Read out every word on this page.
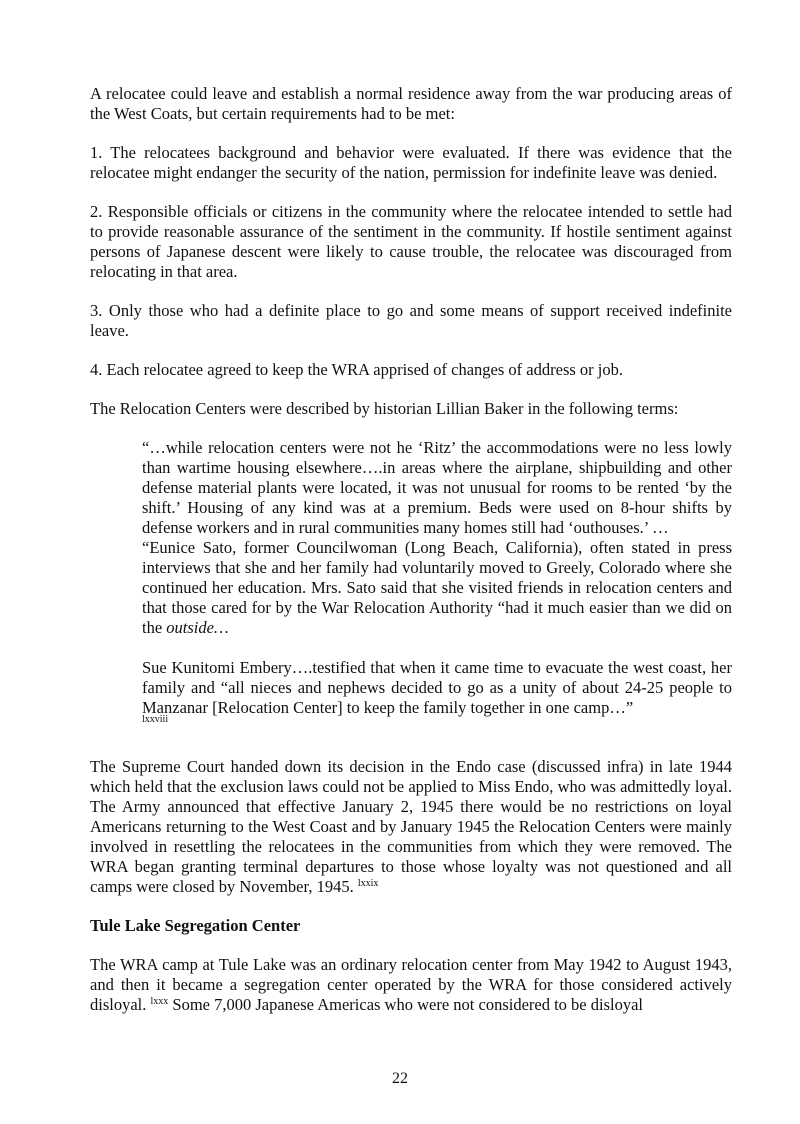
A relocatee could leave and establish a normal residence away from the war producing areas of the West Coats, but certain requirements had to be met:

1. The relocatees background and behavior were evaluated. If there was evidence that the relocatee might endanger the security of the nation, permission for indefinite leave was denied.

2. Responsible officials or citizens in the community where the relocatee intended to settle had to provide reasonable assurance of the sentiment in the community. If hostile sentiment against persons of Japanese descent were likely to cause trouble, the relocatee was discouraged from relocating in that area.

3. Only those who had a definite place to go and some means of support received indefinite leave.

4. Each relocatee agreed to keep the WRA apprised of changes of address or job.

The Relocation Centers were described by historian Lillian Baker in the following terms:

“…while relocation centers were not he ‘Ritz’ the accommodations were no less lowly than wartime housing elsewhere….in areas where the airplane, shipbuilding and other defense material plants were located, it was not unusual for rooms to be rented ‘by the shift.’ Housing of any kind was at a premium. Beds were used on 8-hour shifts by defense workers and in rural communities many homes still had ‘outhouses.’ …

“Eunice Sato, former Councilwoman (Long Beach, California), often stated in press interviews that she and her family had voluntarily moved to Greely, Colorado where she continued her education. Mrs. Sato said that she visited friends in relocation centers and that those cared for by the War Relocation Authority “had it much easier than we did on the outside…

Sue Kunitomi Embery….testified that when it came time to evacuate the west coast, her family and “all nieces and nephews decided to go as a unity of about 24-25 people to Manzanar [Relocation Center] to keep the family together in one camp…”
lxxviii

The Supreme Court handed down its decision in the Endo case (discussed infra) in late 1944 which held that the exclusion laws could not be applied to Miss Endo, who was admittedly loyal. The Army announced that effective January 2, 1945 there would be no restrictions on loyal Americans returning to the West Coast and by January 1945 the Relocation Centers were mainly involved in resettling the relocatees in the communities from which they were removed. The WRA began granting terminal departures to those whose loyalty was not questioned and all camps were closed by November, 1945. $^{lxxix}$

Tule Lake Segregation Center

The WRA camp at Tule Lake was an ordinary relocation center from May 1942 to August 1943, and then it became a segregation center operated by the WRA for those considered actively disloyal. $^{lxxx}$ Some 7,000 Japanese Americas who were not considered to be disloyal

22
